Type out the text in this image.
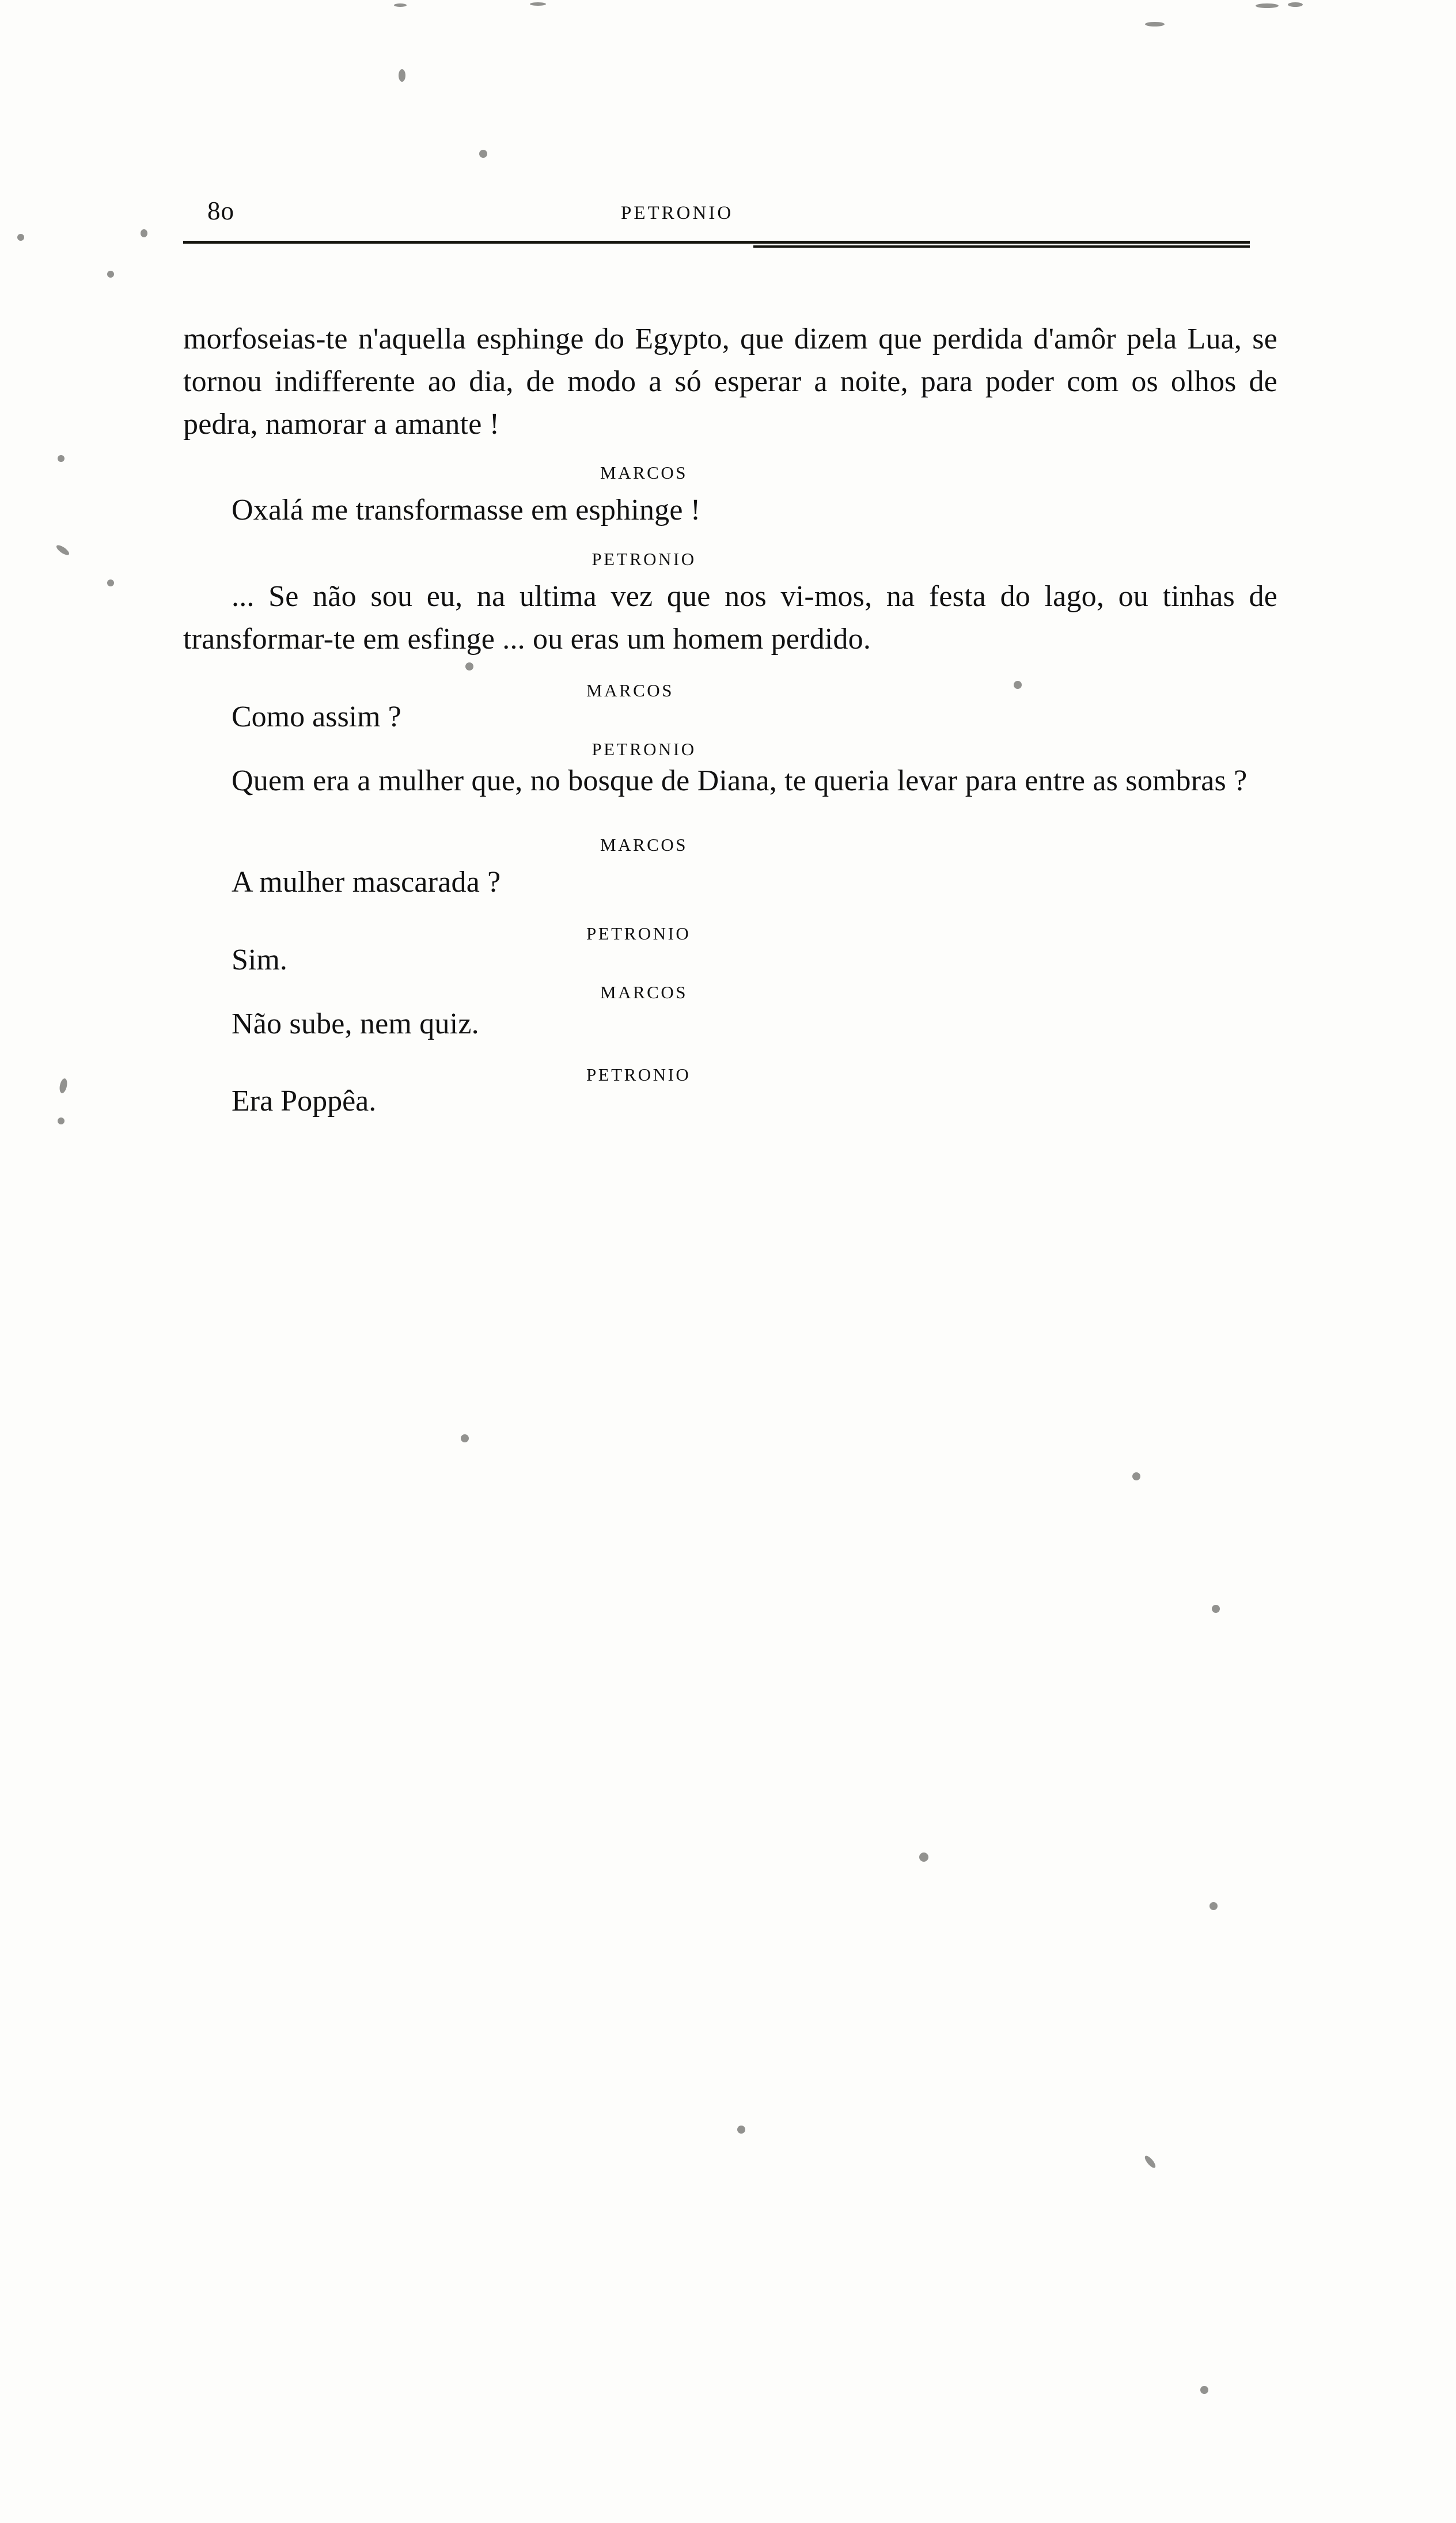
8o	PETRONIO

morfoseias-te n'aquella esphinge do Egypto, que dizem que perdida d'amôr pela Lua, se tornou indifferente ao dia, de modo a só esperar a noite, para poder com os olhos de pedra, namorar a amante !

MARCOS
Oxalá me transformasse em esphinge !
PETRONIO
... Se não sou eu, na ultima vez que nos vi-mos, na festa do lago, ou tinhas de transformar-te em esfinge ... ou eras um homem perdido.
MARCOS
Como assim ?
PETRONIO
Quem era a mulher que, no bosque de Diana, te queria levar para entre as sombras ?
MARCOS
A mulher mascarada ?
PETRONIO
Sim.
MARCOS
Não sube, nem quiz.
PETRONIO
Era Poppêa.
